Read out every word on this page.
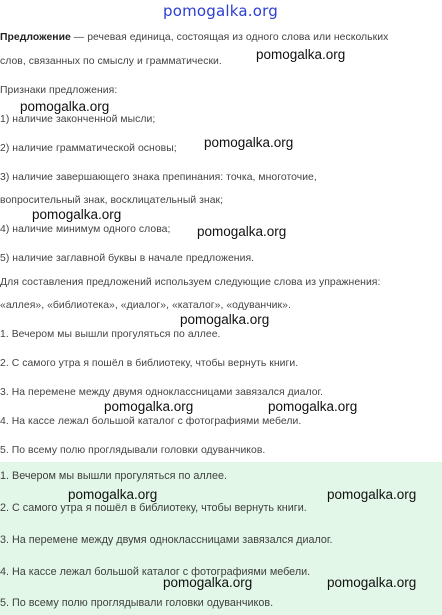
pomogalka.org
Предложение — речевая единица, состоящая из одного слова или нескольких
слов, связанных по смыслу и грамматически.
Признаки предложения:
1) наличие законченной мысли;
2) наличие грамматической основы;
3) наличие завершающего знака препинания: точка, многоточие,
вопросительный знак, восклицательный знак;
4) наличие минимум одного слова;
5) наличие заглавной буквы в начале предложения.
Для составления предложений используем следующие слова из упражнения:
«аллея», «библиотека», «диалог», «каталог», «одуванчик».
1. Вечером мы вышли прогуляться по аллее.
2. С самого утра я пошёл в библиотеку, чтобы вернуть книги.
3. На перемене между двумя одноклассницами завязался диалог.
4. На кассе лежал большой каталог с фотографиями мебели.
5. По всему полю проглядывали головки одуванчиков.
1. Вечером мы вышли прогуляться по аллее.
2. С самого утра я пошёл в библиотеку, чтобы вернуть книги.
3. На перемене между двумя одноклассницами завязался диалог.
4. На кассе лежал большой каталог с фотографиями мебели.
5. По всему полю проглядывали головки одуванчиков.
pomogalka.org
pomogalka.org
pomogalka.org
pomogalka.org
pomogalka.org
pomogalka.org
pomogalka.org	pomogalka.org
pomogalka.org	pomogalka.org
pomogalka.org	pomogalka.org
